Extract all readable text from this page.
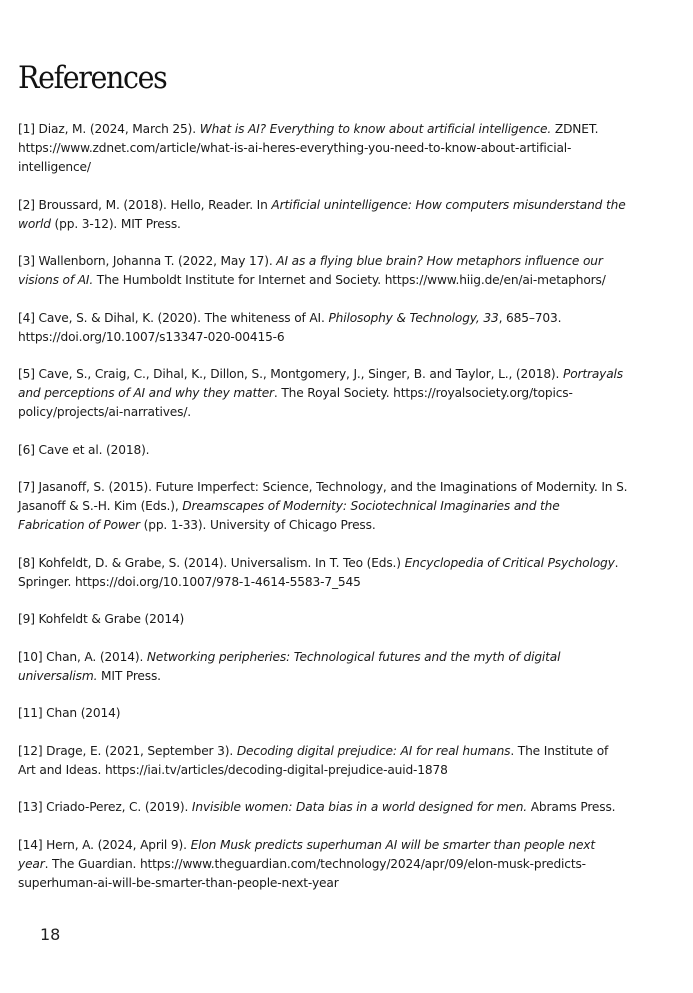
References
[1] Diaz, M. (2024, March 25). What is AI? Everything to know about artificial intelligence. ZDNET. https://www.zdnet.com/article/what-is-ai-heres-everything-you-need-to-know-about-artificial-intelligence/
[2] Broussard, M. (2018). Hello, Reader. In Artificial unintelligence: How computers misunderstand the world (pp. 3-12). MIT Press.
[3] Wallenborn, Johanna T. (2022, May 17). AI as a flying blue brain? How metaphors influence our visions of AI. The Humboldt Institute for Internet and Society. https://www.hiig.de/en/ai-metaphors/
[4] Cave, S. & Dihal, K. (2020). The whiteness of AI. Philosophy & Technology, 33, 685–703. https://doi.org/10.1007/s13347-020-00415-6
[5] Cave, S., Craig, C., Dihal, K., Dillon, S., Montgomery, J., Singer, B. and Taylor, L., (2018). Portrayals and perceptions of AI and why they matter. The Royal Society. https://royalsociety.org/topics-policy/projects/ai-narratives/.
[6] Cave et al. (2018).
[7] Jasanoff, S. (2015). Future Imperfect: Science, Technology, and the Imaginations of Modernity. In S. Jasanoff & S.-H. Kim (Eds.), Dreamscapes of Modernity: Sociotechnical Imaginaries and the Fabrication of Power (pp. 1-33). University of Chicago Press.
[8] Kohfeldt, D. & Grabe, S. (2014). Universalism. In T. Teo (Eds.) Encyclopedia of Critical Psychology. Springer. https://doi.org/10.1007/978-1-4614-5583-7_545
[9] Kohfeldt & Grabe (2014)
[10] Chan, A. (2014). Networking peripheries: Technological futures and the myth of digital universalism. MIT Press.
[11] Chan (2014)
[12] Drage, E. (2021, September 3). Decoding digital prejudice: AI for real humans. The Institute of Art and Ideas. https://iai.tv/articles/decoding-digital-prejudice-auid-1878
[13] Criado-Perez, C. (2019). Invisible women: Data bias in a world designed for men. Abrams Press.
[14] Hern, A. (2024, April 9). Elon Musk predicts superhuman AI will be smarter than people next year. The Guardian. https://www.theguardian.com/technology/2024/apr/09/elon-musk-predicts-superhuman-ai-will-be-smarter-than-people-next-year
18
